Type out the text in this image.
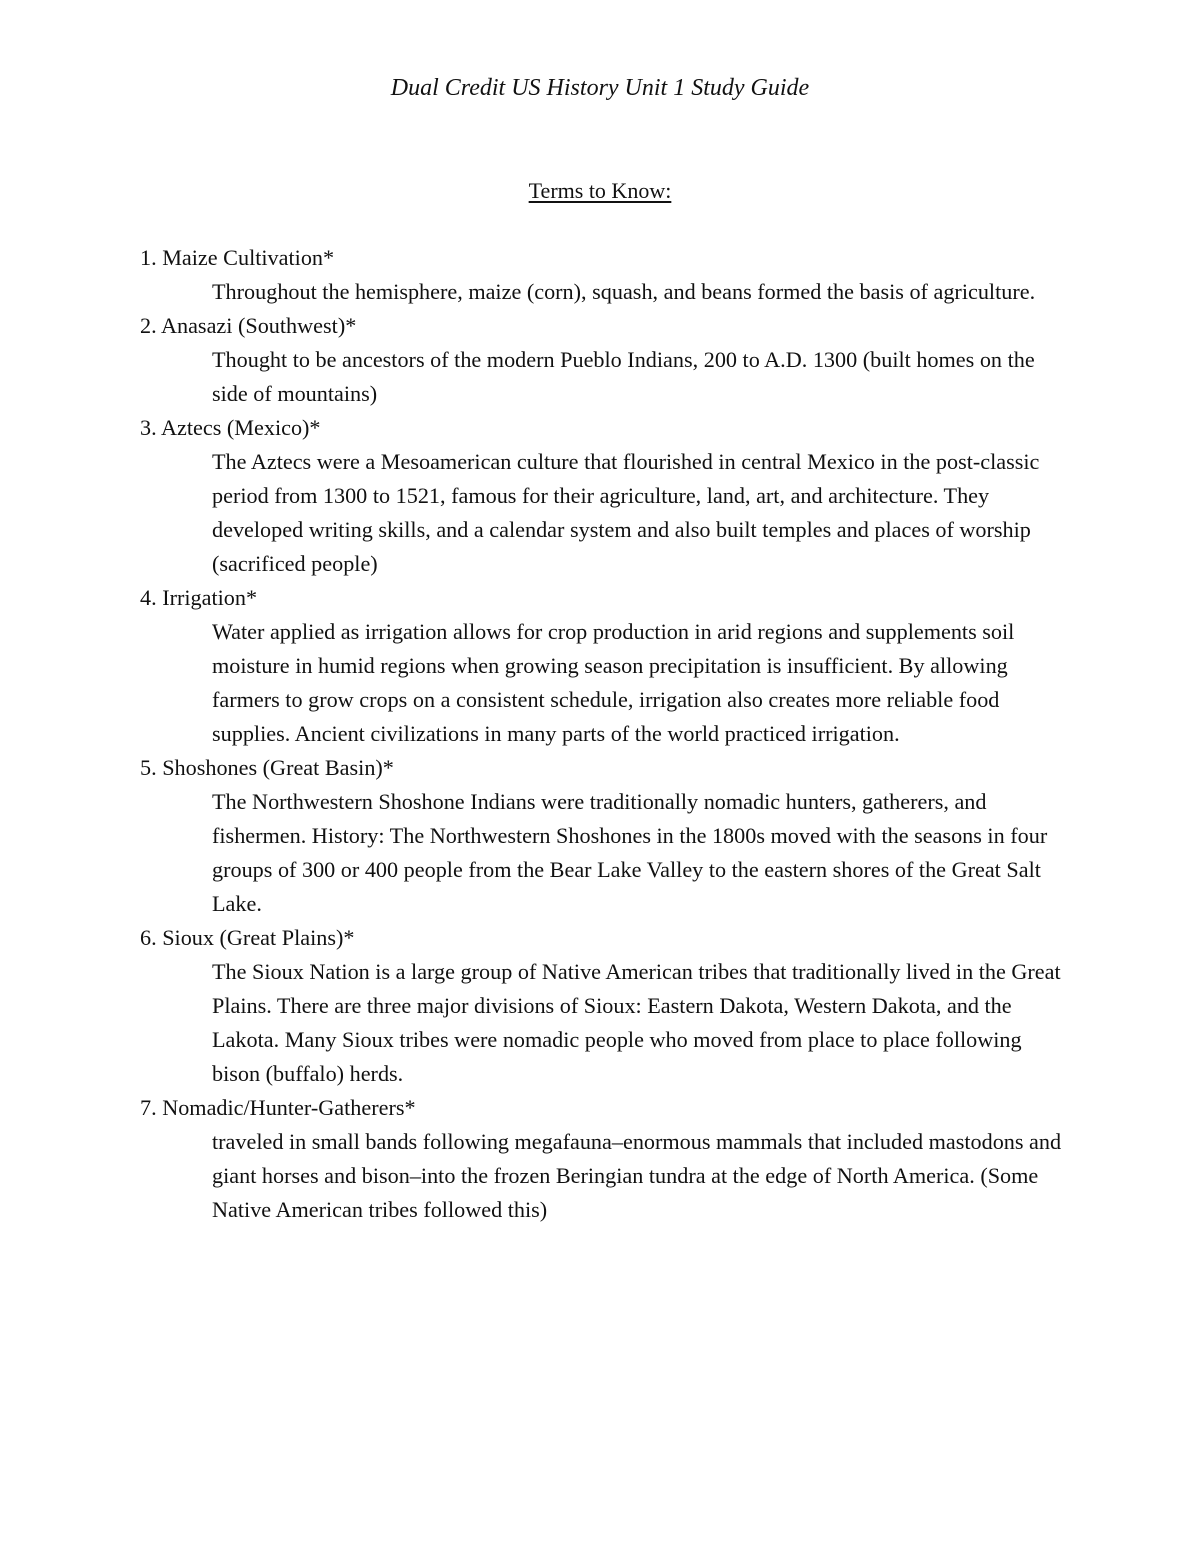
Dual Credit US History Unit 1 Study Guide
Terms to Know:

1. Maize Cultivation*

Throughout the hemisphere, maize (corn), squash, and beans formed the basis of agriculture.

2. Anasazi (Southwest)*

Thought to be ancestors of the modern Pueblo Indians, 200 to A.D. 1300 (built homes on the side of mountains)

3. Aztecs (Mexico)*

The Aztecs were a Mesoamerican culture that flourished in central Mexico in the post-classic period from 1300 to 1521, famous for their agriculture, land, art, and architecture. They developed writing skills, and a calendar system and also built temples and places of worship (sacrificed people)

4. Irrigation*

Water applied as irrigation allows for crop production in arid regions and supplements soil moisture in humid regions when growing season precipitation is insufficient. By allowing farmers to grow crops on a consistent schedule, irrigation also creates more reliable food supplies. Ancient civilizations in many parts of the world practiced irrigation.

5. Shoshones (Great Basin)*

The Northwestern Shoshone Indians were traditionally nomadic hunters, gatherers, and fishermen. History: The Northwestern Shoshones in the 1800s moved with the seasons in four groups of 300 or 400 people from the Bear Lake Valley to the eastern shores of the Great Salt Lake.

6. Sioux (Great Plains)*

The Sioux Nation is a large group of Native American tribes that traditionally lived in the Great Plains. There are three major divisions of Sioux: Eastern Dakota, Western Dakota, and the Lakota. Many Sioux tribes were nomadic people who moved from place to place following bison (buffalo) herds.

7. Nomadic/Hunter-Gatherers*

traveled in small bands following megafauna–enormous mammals that included mastodons and giant horses and bison–into the frozen Beringian tundra at the edge of North America. (Some Native American tribes followed this)
